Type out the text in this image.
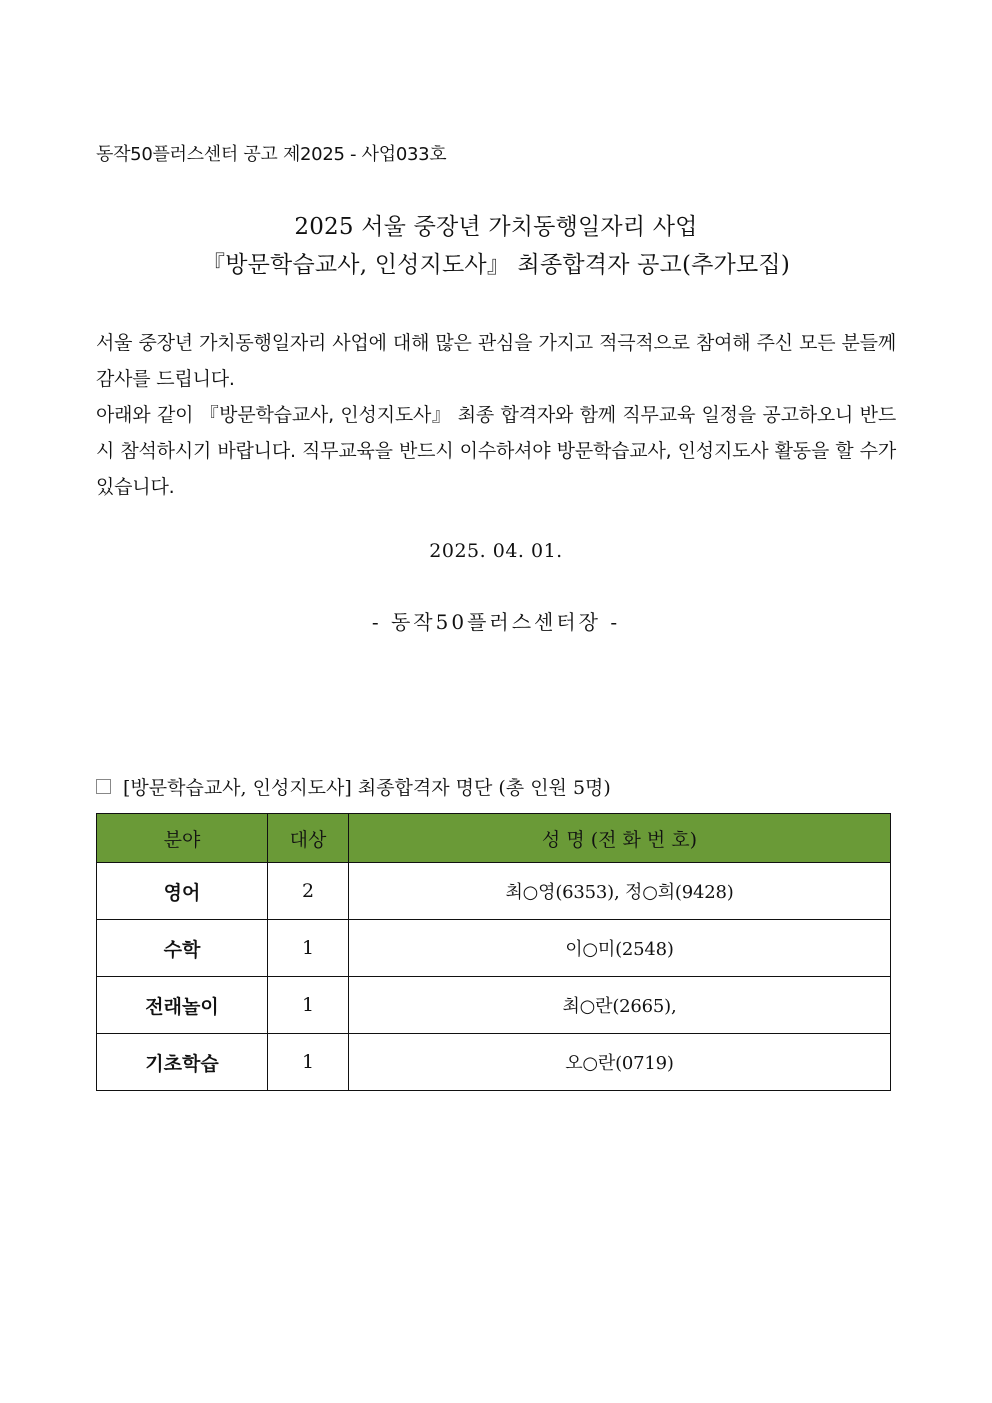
동작50플러스센터 공고 제2025 - 사업033호
2025 서울 중장년 가치동행일자리 사업
『방문학습교사, 인성지도사』 최종합격자 공고(추가모집)

서울 중장년 가치동행일자리 사업에 대해 많은 관심을 가지고 적극적으로 참여해 주신 모든 분들께 감사를 드립니다.

아래와 같이 『방문학습교사, 인성지도사』 최종 합격자와 함께 직무교육 일정을 공고하오니 반드시 참석하시기 바랍니다. 직무교육을 반드시 이수하셔야 방문학습교사, 인성지도사 활동을 할 수가 있습니다.

2025. 04. 01.
- 동작50플러스센터장 -
[방문학습교사, 인성지도사] 최종합격자 명단 (총 인원 5명)
분야	대상	성 명 (전 화 번 호)
영어	2	최○영(6353), 정○희(9428)
수학	1	이○미(2548)
전래놀이	1	최○란(2665),
기초학습	1	오○란(0719)
